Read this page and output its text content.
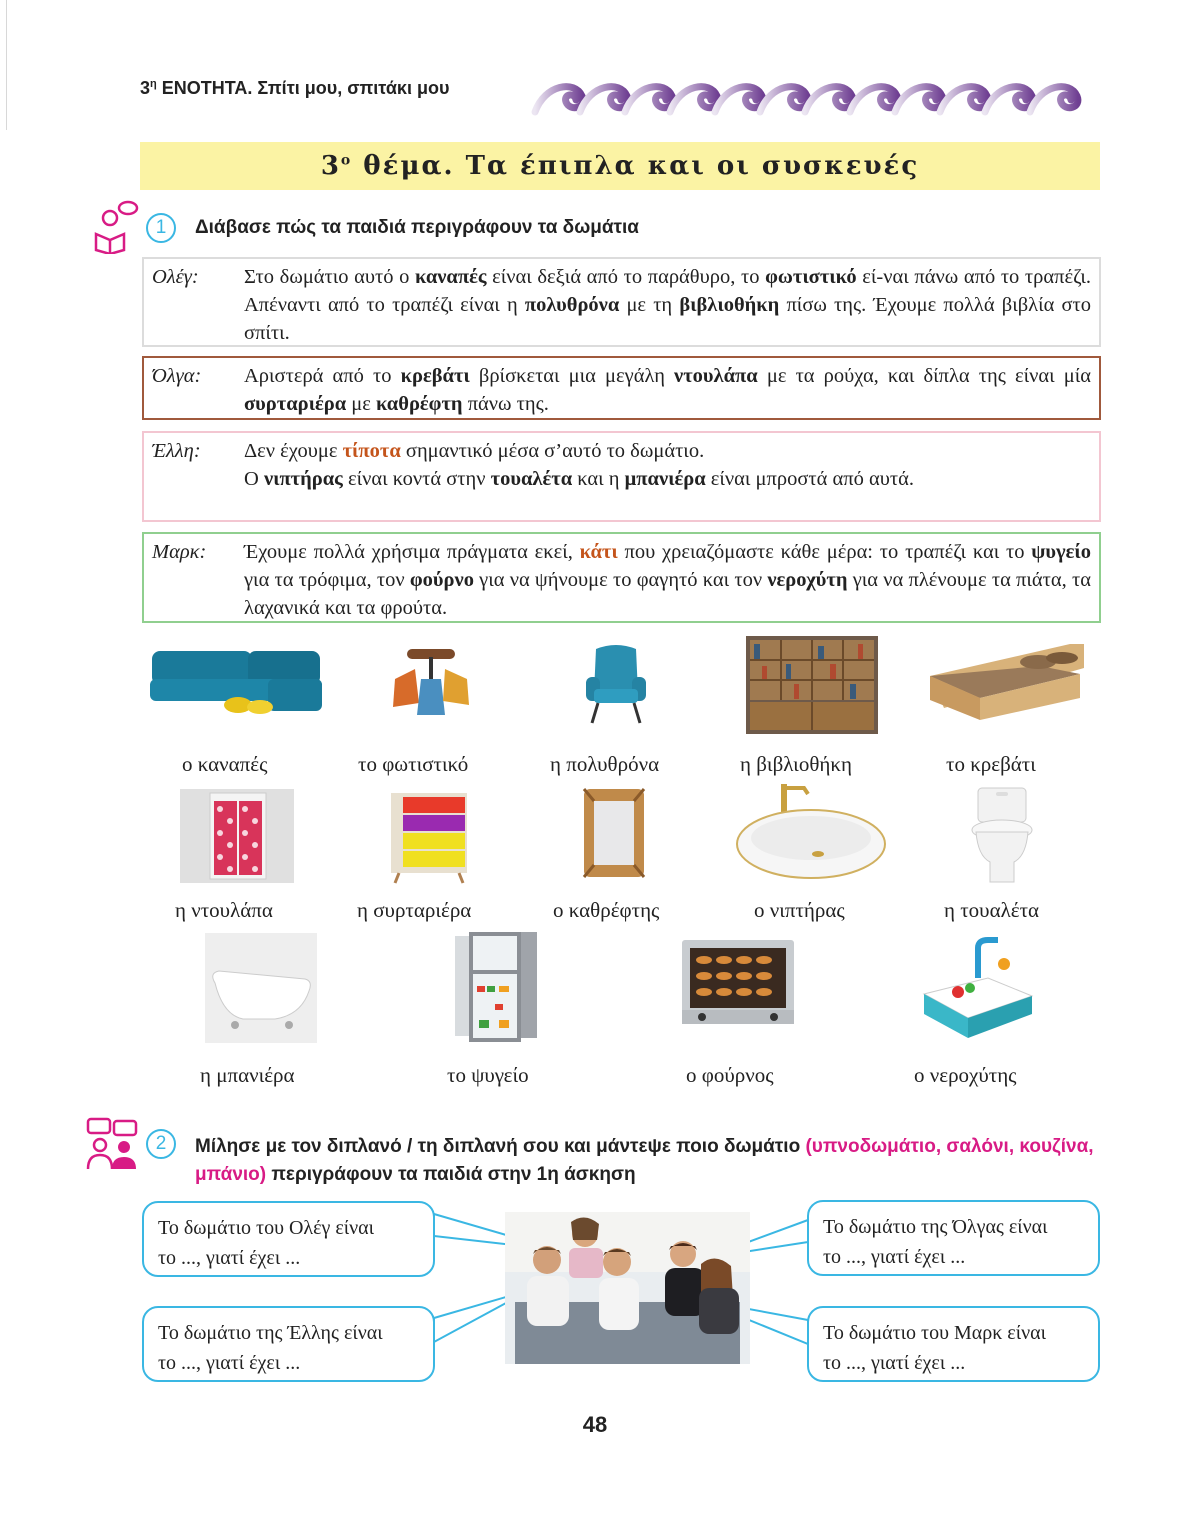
$3^\eta$ ΕΝΟΤΗΤΑ. Σπίτι μου, σπιτάκι μου
$3^o$ θέμα. Τα έπιπλα και οι συσκευές
1	Διάβασε πώς τα παιδιά περιγράφουν τα δωμάτια
Ολέγ:	Στο δωμάτιο αυτό ο καναπές είναι δεξιά από το παράθυρο, το φωτιστικό εί-ναι πάνω από το τραπέζι. Απέναντι από το τραπέζι είναι η πολυθρόνα με τη βιβλιοθήκη πίσω της. Έχουμε πολλά βιβλία στο σπίτι.
Όλγα:	Αριστερά από το κρεβάτι βρίσκεται μια μεγάλη ντουλάπα με τα ρούχα, και δίπλα της είναι μία συρταριέρα με καθρέφτη πάνω της.
Έλλη:	Δεν έχουμε τίποτα σημαντικό μέσα σ’αυτό το δωμάτιο.
Ο νιπτήρας είναι κοντά στην τουαλέτα και η μπανιέρα είναι μπροστά από αυτά.
Μαρκ:	Έχουμε πολλά χρήσιμα πράγματα εκεί, κάτι που χρειαζόμαστε κάθε μέρα: το τραπέζι και το ψυγείο για τα τρόφιμα, τον φούρνο για να ψήνουμε το φαγητό και τον νεροχύτη για να πλένουμε τα πιάτα, τα λαχανικά και τα φρούτα.
ο καναπές	το φωτιστικό	η πολυθρόνα	η βιβλιοθήκη	το κρεβάτι
η ντουλάπα	η συρταριέρα	ο καθρέφτης	ο νιπτήρας	η τουαλέτα
η μπανιέρα	το ψυγείο	ο φούρνος	ο νεροχύτης
2	Μίλησε με τον διπλανό / τη διπλανή σου και μάντεψε ποιο δωμάτιο (υπνοδωμάτιο, σαλόνι, κουζίνα, μπάνιο) περιγράφουν τα παιδιά στην 1η άσκηση
Το δωμάτιο του Ολέγ είναι
το ..., γιατί έχει ...
Το δωμάτιο της Όλγας είναι
το ..., γιατί έχει ...
Το δωμάτιο της Έλλης είναι
το ..., γιατί έχει ...
Το δωμάτιο του Μαρκ είναι
το ..., γιατί έχει ...
48
